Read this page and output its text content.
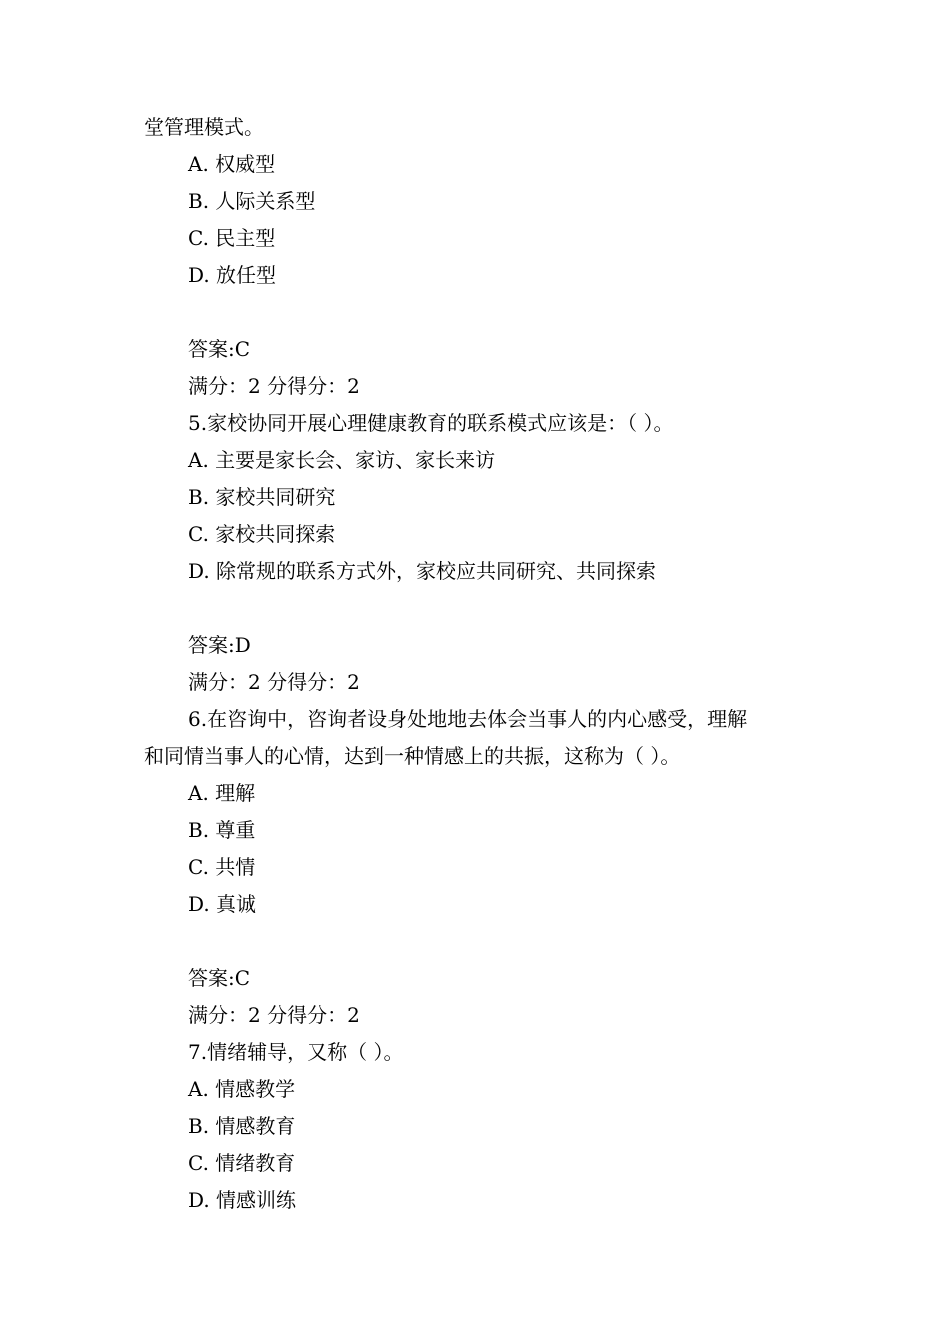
堂管理模式。
A. 权威型
B. 人际关系型
C. 民主型
D. 放任型
答案:C
满分：2 分得分：2
5.家校协同开展心理健康教育的联系模式应该是：（ ）。
A. 主要是家长会、家访、家长来访
B. 家校共同研究
C. 家校共同探索
D. 除常规的联系方式外，家校应共同研究、共同探索
答案:D
满分：2 分得分：2
6.在咨询中，咨询者设身处地地去体会当事人的内心感受，理解
和同情当事人的心情，达到一种情感上的共振，这称为（ ）。
A. 理解
B. 尊重
C. 共情
D. 真诚
答案:C
满分：2 分得分：2
7.情绪辅导，又称（ ）。
A. 情感教学
B. 情感教育
C. 情绪教育
D. 情感训练
